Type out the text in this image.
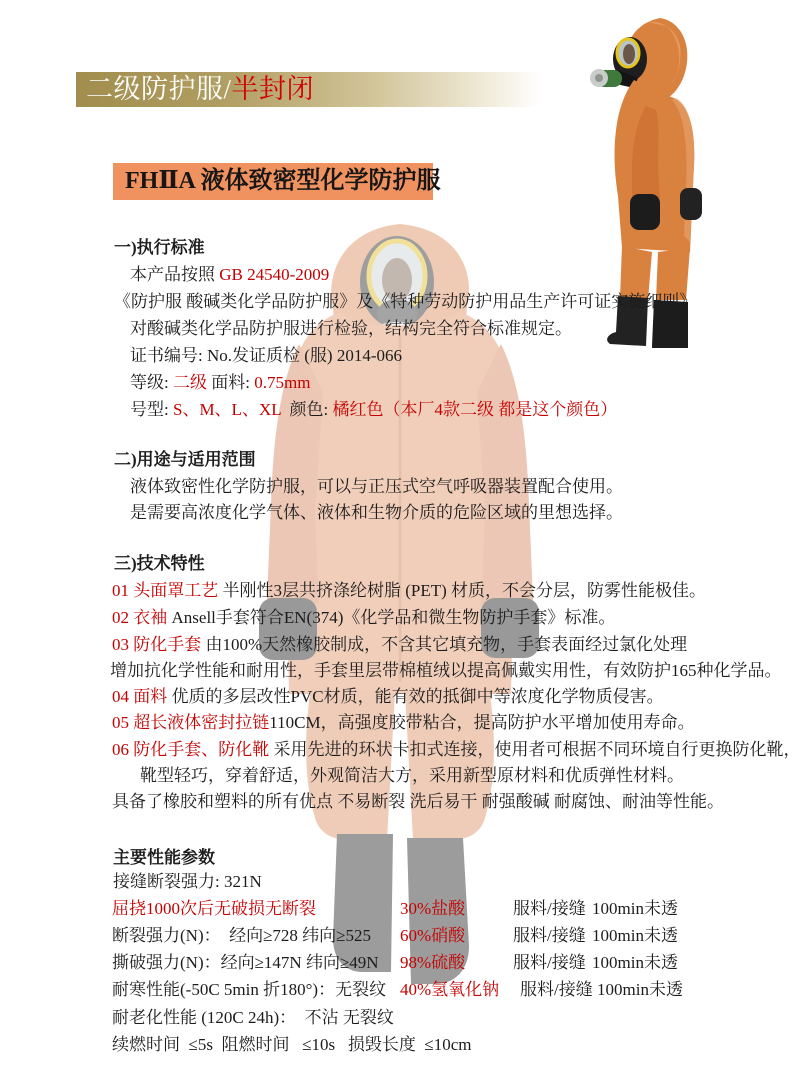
二级防护服/半封闭
FHⅡA 液体致密型化学防护服
一)执行标准
本产品按照 GB 24540-2009
《防护服 酸碱类化学品防护服》及《特种劳动防护用品生产许可证实施细则》
对酸碱类化学品防护服进行检验，结构完全符合标准规定。
证书编号: No.发证质检 (服) 2014-066
等级: 二级 面料: 0.75mm
号型: S、M、L、XL  颜色: 橘红色（本厂4款二级 都是这个颜色）
二)用途与适用范围
液体致密性化学防护服，可以与正压式空气呼吸器装置配合使用。
是需要高浓度化学气体、液体和生物介质的危险区域的里想选择。
三)技术特性
01 头面罩工艺 半刚性3层共挤涤纶树脂 (PET) 材质，不会分层，防雾性能极佳。
02 衣袖 Ansell手套符合EN(374)《化学品和微生物防护手套》标准。
03 防化手套 由100%天然橡胶制成，不含其它填充物，手套表面经过氯化处理
增加抗化学性能和耐用性，手套里层带棉植绒以提高佩戴实用性，有效防护165种化学品。
04 面料 优质的多层改性PVC材质，能有效的抵御中等浓度化学物质侵害。
05 超长液体密封拉链110CM，高强度胶带粘合，提高防护水平增加使用寿命。
06 防化手套、防化靴 采用先进的环状卡扣式连接，使用者可根据不同环境自行更换防化靴，
靴型轻巧，穿着舒适，外观简洁大方，采用新型原材料和优质弹性材料。
具备了橡胶和塑料的所有优点 不易断裂 洗后易干 耐强酸碱 耐腐蚀、耐油等性能。
主要性能参数
接缝断裂强力: 321N
屈挠1000次后无破损无断裂	30%盐酸	服料/接缝 100min未透
断裂强力(N)：  经向≥728 纬向≥525 60%硝酸	服料/接缝 100min未透
撕破强力(N)：经向≥147N 纬向≥49N 98%硫酸	服料/接缝 100min未透
耐寒性能(-50C 5min 折180°)：无裂纹 40%氢氧化钠 服料/接缝 100min未透
耐老化性能 (120C 24h)：  不沾 无裂纹
续燃时间  ≤5s  阻燃时间   ≤10s   损毁长度  ≤10cm
